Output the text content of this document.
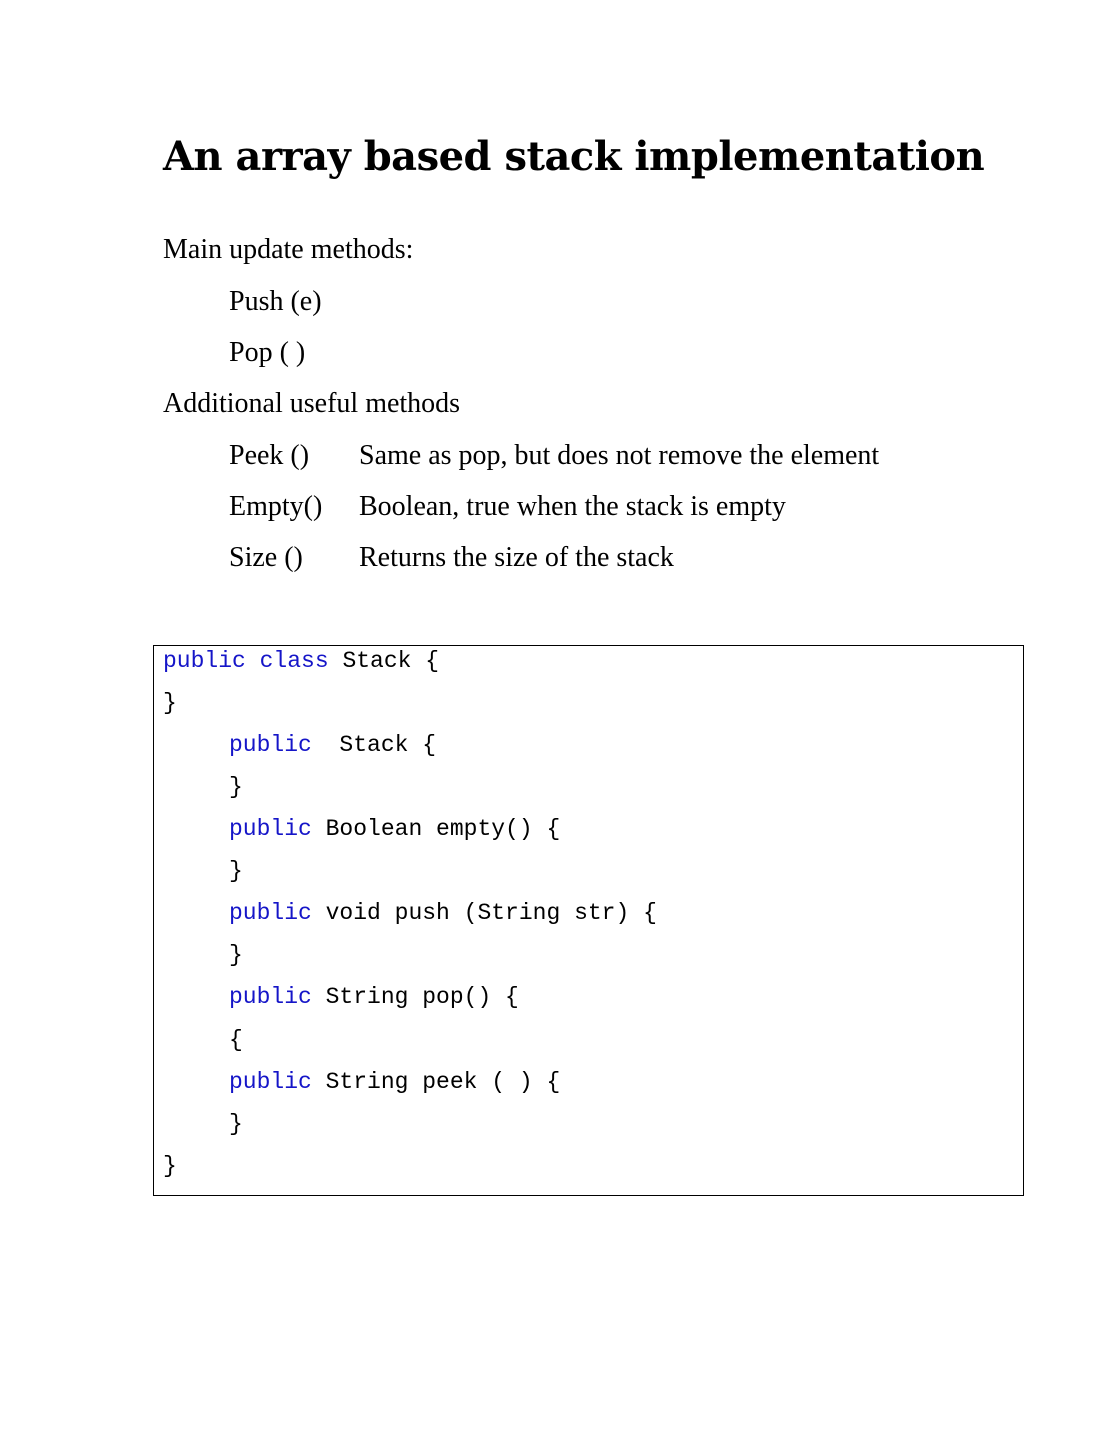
An array based stack implementation
Main update methods:
Push (e)
Pop ( )
Additional useful methods
Peek () Same as pop, but does not remove the element
Empty() Boolean, true when the stack is empty
Size () Returns the size of the stack
public class Stack {
}
public  Stack {
}
public Boolean empty() {
}
public void push (String str) {
}
public String pop() {
{
public String peek ( ) {
}
}
